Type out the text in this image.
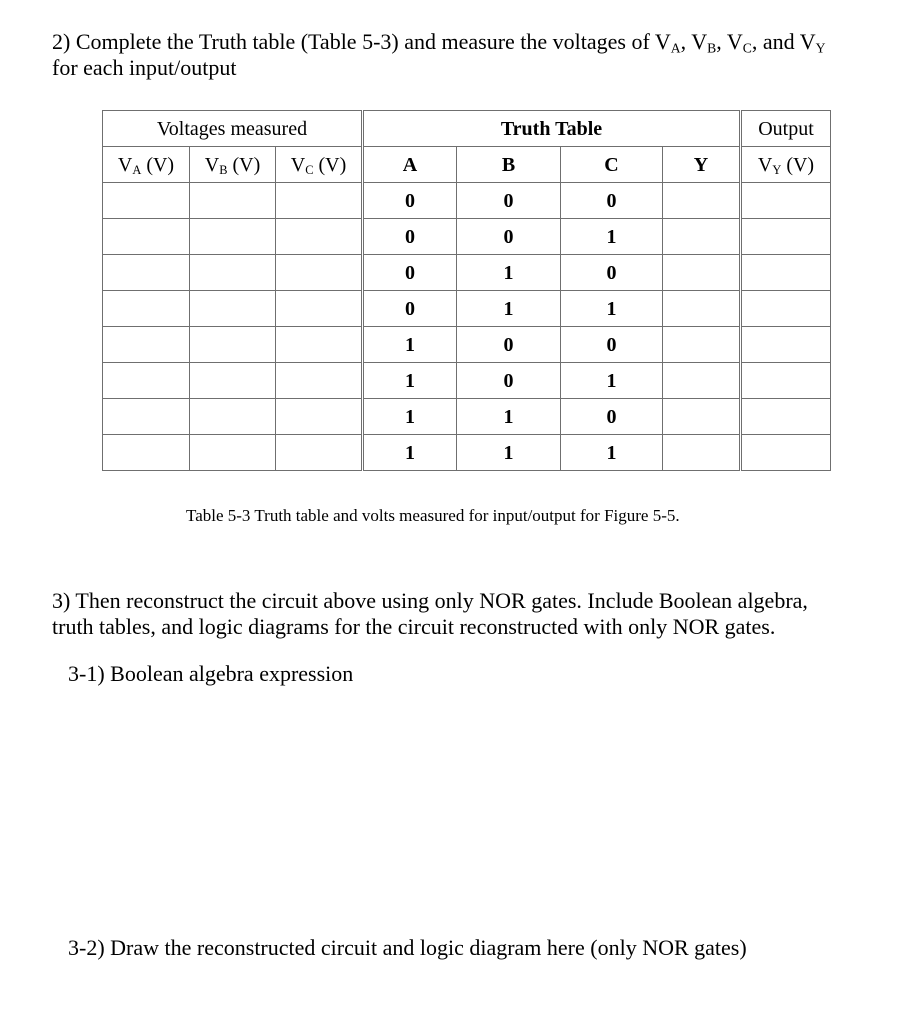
2) Complete the Truth table (Table 5-3) and measure the voltages of $V_A$, $V_B$, $V_C$, and $V_Y$
for each input/output
Voltages measured			Truth Table				Output
$V_A$ (V)	$V_B$ (V)	$V_C$ (V)	A	B	C	Y	$V_Y$ (V)
			0	0	0		
			0	0	1		
			0	1	0		
			0	1	1		
			1	0	0		
			1	0	1		
			1	1	0		
			1	1	1		
Table 5-3 Truth table and volts measured for input/output for Figure 5-5.
3) Then reconstruct the circuit above using only NOR gates. Include Boolean algebra,
truth tables, and logic diagrams for the circuit reconstructed with only NOR gates.
3-1) Boolean algebra expression
3-2) Draw the reconstructed circuit and logic diagram here (only NOR gates)
